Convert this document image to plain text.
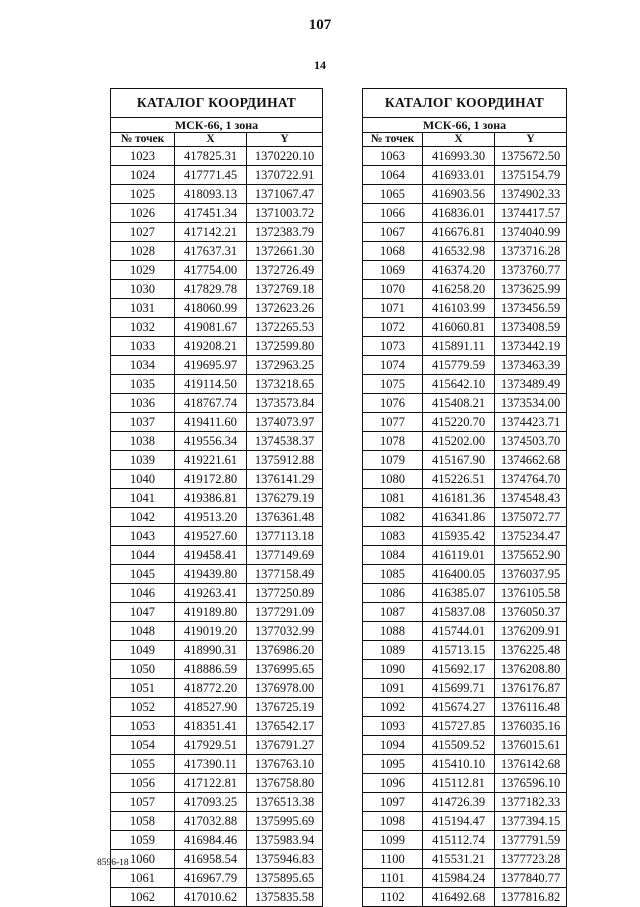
107
14
КАТАЛОГ КООРДИНАТ		
МСК-66, 1 зона		
№ точек	X	Y
1023	417825.31	1370220.10
1024	417771.45	1370722.91
1025	418093.13	1371067.47
1026	417451.34	1371003.72
1027	417142.21	1372383.79
1028	417637.31	1372661.30
1029	417754.00	1372726.49
1030	417829.78	1372769.18
1031	418060.99	1372623.26
1032	419081.67	1372265.53
1033	419208.21	1372599.80
1034	419695.97	1372963.25
1035	419114.50	1373218.65
1036	418767.74	1373573.84
1037	419411.60	1374073.97
1038	419556.34	1374538.37
1039	419221.61	1375912.88
1040	419172.80	1376141.29
1041	419386.81	1376279.19
1042	419513.20	1376361.48
1043	419527.60	1377113.18
1044	419458.41	1377149.69
1045	419439.80	1377158.49
1046	419263.41	1377250.89
1047	419189.80	1377291.09
1048	419019.20	1377032.99
1049	418990.31	1376986.20
1050	418886.59	1376995.65
1051	418772.20	1376978.00
1052	418527.90	1376725.19
1053	418351.41	1376542.17
1054	417929.51	1376791.27
1055	417390.11	1376763.10
1056	417122.81	1376758.80
1057	417093.25	1376513.38
1058	417032.88	1375995.69
1059	416984.46	1375983.94
1060	416958.54	1375946.83
1061	416967.79	1375895.65
1062	417010.62	1375835.58
КАТАЛОГ КООРДИНАТ		
МСК-66, 1 зона		
№ точек	X	Y
1063	416993.30	1375672.50
1064	416933.01	1375154.79
1065	416903.56	1374902.33
1066	416836.01	1374417.57
1067	416676.81	1374040.99
1068	416532.98	1373716.28
1069	416374.20	1373760.77
1070	416258.20	1373625.99
1071	416103.99	1373456.59
1072	416060.81	1373408.59
1073	415891.11	1373442.19
1074	415779.59	1373463.39
1075	415642.10	1373489.49
1076	415408.21	1373534.00
1077	415220.70	1374423.71
1078	415202.00	1374503.70
1079	415167.90	1374662.68
1080	415226.51	1374764.70
1081	416181.36	1374548.43
1082	416341.86	1375072.77
1083	415935.42	1375234.47
1084	416119.01	1375652.90
1085	416400.05	1376037.95
1086	416385.07	1376105.58
1087	415837.08	1376050.37
1088	415744.01	1376209.91
1089	415713.15	1376225.48
1090	415692.17	1376208.80
1091	415699.71	1376176.87
1092	415674.27	1376116.48
1093	415727.85	1376035.16
1094	415509.52	1376015.61
1095	415410.10	1376142.68
1096	415112.81	1376596.10
1097	414726.39	1377182.33
1098	415194.47	1377394.15
1099	415112.74	1377791.59
1100	415531.21	1377723.28
1101	415984.24	1377840.77
1102	416492.68	1377816.82
8596-18
